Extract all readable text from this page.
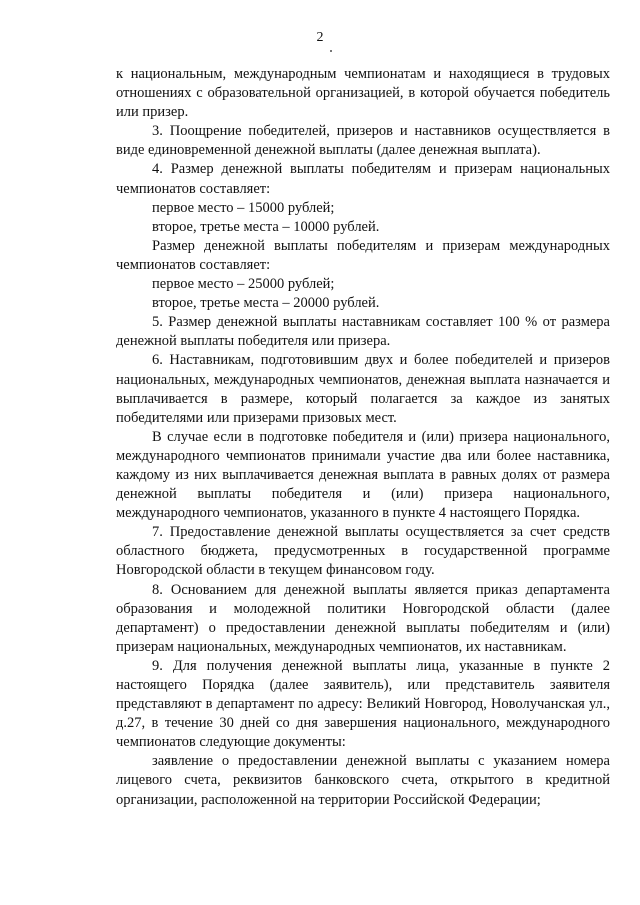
2

к национальным, международным чемпионатам и находящиеся в трудовых отношениях с образовательной организацией, в которой обучается победитель или призер.

3. Поощрение победителей, призеров и наставников осуществляется в виде единовременной денежной выплаты (далее денежная выплата).

4. Размер денежной выплаты победителям и призерам национальных чемпионатов составляет:

первое место – 15000 рублей;

второе, третье места – 10000 рублей.

Размер денежной выплаты победителям и призерам международных чемпионатов составляет:

первое место – 25000 рублей;

второе, третье места – 20000 рублей.

5. Размер денежной выплаты наставникам составляет 100 % от размера денежной выплаты победителя или призера.

6. Наставникам, подготовившим двух и более победителей и призеров национальных, международных чемпионатов, денежная выплата назначается и выплачивается в размере, который полагается за каждое из занятых победителями или призерами призовых мест.

В случае если в подготовке победителя и (или) призера национального, международного чемпионатов принимали участие два или более наставника, каждому из них выплачивается денежная выплата в равных долях от размера денежной выплаты победителя и (или) призера национального, международного чемпионатов, указанного в пункте 4 настоящего Порядка.

7. Предоставление денежной выплаты осуществляется за счет средств областного бюджета, предусмотренных в государственной программе Новгородской области в текущем финансовом году.

8. Основанием для денежной выплаты является приказ департамента образования и молодежной политики Новгородской области (далее департамент) о предоставлении денежной выплаты победителям и (или) призерам национальных, международных чемпионатов, их наставникам.

9. Для получения денежной выплаты лица, указанные в пункте 2 настоящего Порядка (далее заявитель), или представитель заявителя представляют в департамент по адресу: Великий Новгород, Новолучанская ул., д.27, в течение 30 дней со дня завершения национального, международного чемпионатов следующие документы:

заявление о предоставлении денежной выплаты с указанием номера лицевого счета, реквизитов банковского счета, открытого в кредитной организации, расположенной на территории Российской Федерации;
